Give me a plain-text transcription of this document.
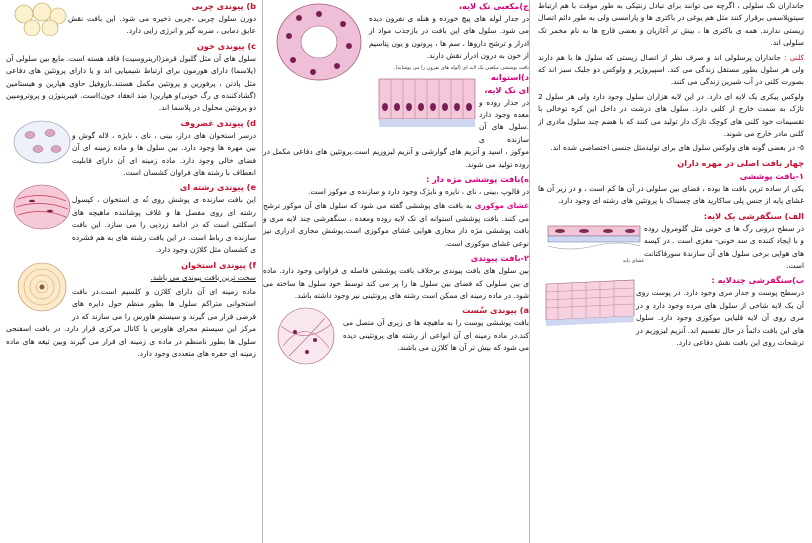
جانداران تک سلولی ، اگرچه می توانند برای تبادل زنتیکی به طور موقت با هم ارتباط سیتوپلاسمی برقرار کنند مثل هم یوغی در باکتری ها و پارامسی ولی به طور دائم اتصال زیستی ندارند. همه ی باکتری ها ، بیش تر آغازیان و بعضی قارچ ها به نام مخمر تک سلولی اند.

کلنی : جانداران پرسلولی اند و صرف نظر از اتصال زیستی که سلول ها با هم دارند ولی هر سلول بطور مستقل زندگی می کند. اسپیروژیر و ولوکس دو جلبک سبز اند که بصورت کلنی در آب شیرین زندگی می کنند.

ولوکس پیکری یک لایه ای دارد. در این لایه هزاران سلول وجود دارد ولی هر سلول 2 تاژک به سمت خارج از کلنی دارد. سلول های درشت در داخل این کره توخالی با تقسیمات خود کلنی های کوچک تازک دار تولید می کنند که با هضم چند سلول مادری از کلنی مادر خارج می شوند.

٥- در بعضی گونه های ولوکس سلول های برای تولیدمثل جنسی اختصاصی شده اند.

چهار بافت اصلی در مهره داران
١-بافت پوششی

یکی از ساده ترین بافت ها بوده ، فضای بین سلولی در آن ها کم است ، و در زیر آن ها غشای پایه از جنس پلی ساکارید های چسبناک با پروتئین های رشته ای وجود دارد.

غشای پایه
الف) سنگفرشی یک لایه:

در سطح درونی رگ ها ی خونی مثل گلومرول روده و با ایجاد کننده ی سد خونی- مغزی است . در کیسه های هوایی برخی سلول های آن سازندۀ سورفاکتانت است.

ب)سنگفرشی چندلایه :

درسطح پوست و جدار مری وجود دارد. در پوست روی آن یک لایه شاخی از سلول های مرده وجود دارد و در مری روی آن لایه قلیایی موکوزی وجود دارد. سلول های این بافت دائماً در حال تقسیم اند. آنزیم لیزوزیم در ترشحات روی این بافت نقش دفاعی دارد.

ج)مکعبی تک لایه،

در جدار لوله های پیچ خورده و هنله ی نفرون دیده می شود. سلول های این بافت در بازجذب مواد از ادرار و ترشح داروها ، سم ها ، پروتون و یون پتاسیم از خون به درون ادرار نقش دارند.

بافت پوششی مکعبی یک لایه ای (لوله های نفرون را می پوشاند).
د)استوانه ای تک لایه،

در جدار روده و معده وجود دارد .سلول های آن سازنده ی موکوز ، اسید و آنزیم های گوارشی و آنزیم لیزوزیم است.پروتئین های دفاعی مکمل در روده تولید می شوند.

ه)بافت پوششی مژه دار :

در قالوپ ،بینی ، نای ، نایزه و نایژک وجود دارد و سازنده ی موکوز است.

غشای موکوزی به بافت های پوششی گفته می شود که سلول های آن موکوز ترشح می کنند. بافت پوششی استوانه ای تک لایه روده ومعده ، سنگفرشی چند لایه مری و بافت پوششی مژه دار مجاری هوایی غشای موکوزی است.پوشش مجاری ادراری نیز نوعی غشای موکوزی است.

٢-بافت پیوندی

بین سلول های بافت پیوندی برخلاف بافت پوششی فاصله ی فراوانی وجود دارد. ماده ی بین سلولی که فضای بین سلول ها را پر می کند توسط خود سلول ها ساخته می شود. در ماده زمینه ای ممکن است رشته های پروتئینی نیز وجود داشته باشد.

a) پیوندی سُست

بافت پوششی پوست را به ماهیچه ها ی زیری آن متصل می کند.در ماده زمینه ای آن انواعی از رشته های پروتئینی دیده می شود که بیش تر آن ها کلاژن می باشند.

b) پیوندی چربی

دورن سلول چربی ،چربی ذخیره می شود. این بافت نقش عایق دمایی ، ضربه گیر و انرژی زایی دارد.

c) پیوندی خون

سلول های آن مثل گلبول قرمز(اریتروسیت) فاقد هسته است. مایع بین سلولی آن (پلاسما) دارای هورمون برای ارتباط شیمیایی اند و یا دارای پروتئین های دفاعی مثل پادتن ، پرفورین و پروتئین مکمل هستند.بازوفیل حاوی هپارین و هیستامین (گشادکننده ی رگ خونی)و هپارین( ضد انعقاد خون)است. فیبرینوژن و پروترومبین دو پروتئین محلول در پلاسما اند.

d) پیوندی غضروف

درسر استخوان های دراز، بینی ، نای ، نایژه ، لاله گوش و بین مهره ها وجود دارد. بین سلول ها و ماده زمینه ای آن فضای خالی وجود دارد. ماده زمینه ای آن دارای قابلیت انعطاف با رشته های فراوان کشسان است.

e) پیوندی رشته ای

این بافت سازنده ی پوشش روی تُه ی استخوان ، کپسول رشته ای روی مفصل ها و غلاف پوشاننده ماهیچه های اسکلتی است که در ادامه زردپی را می سازد. این بافت سازنده ی رباط است. در این بافت رشته های به هم فشرده ی کشسان مثل کلاژن وجود دارد.

f) پیوندی استخوان

سخت ترین بافت پیوندی می باشد.

ماده زمینه ای آن دارای کلاژن و کلسیم است.در بافت استخوانی متراکم سلول ها بطور منظم حول دایره های فرضی قرار می گیرند و سیستم هاورس را می سازند که در مرکز این سیستم مجرای هاورس یا کانال مرکزی قرار دارد. در بافت اسفنجی سلول ها بطور نامنظم در ماده ی زمینه ای قرار می گیرند وبین تیغه های ماده زمینه ای حفره های متعددی وجود دارد.
